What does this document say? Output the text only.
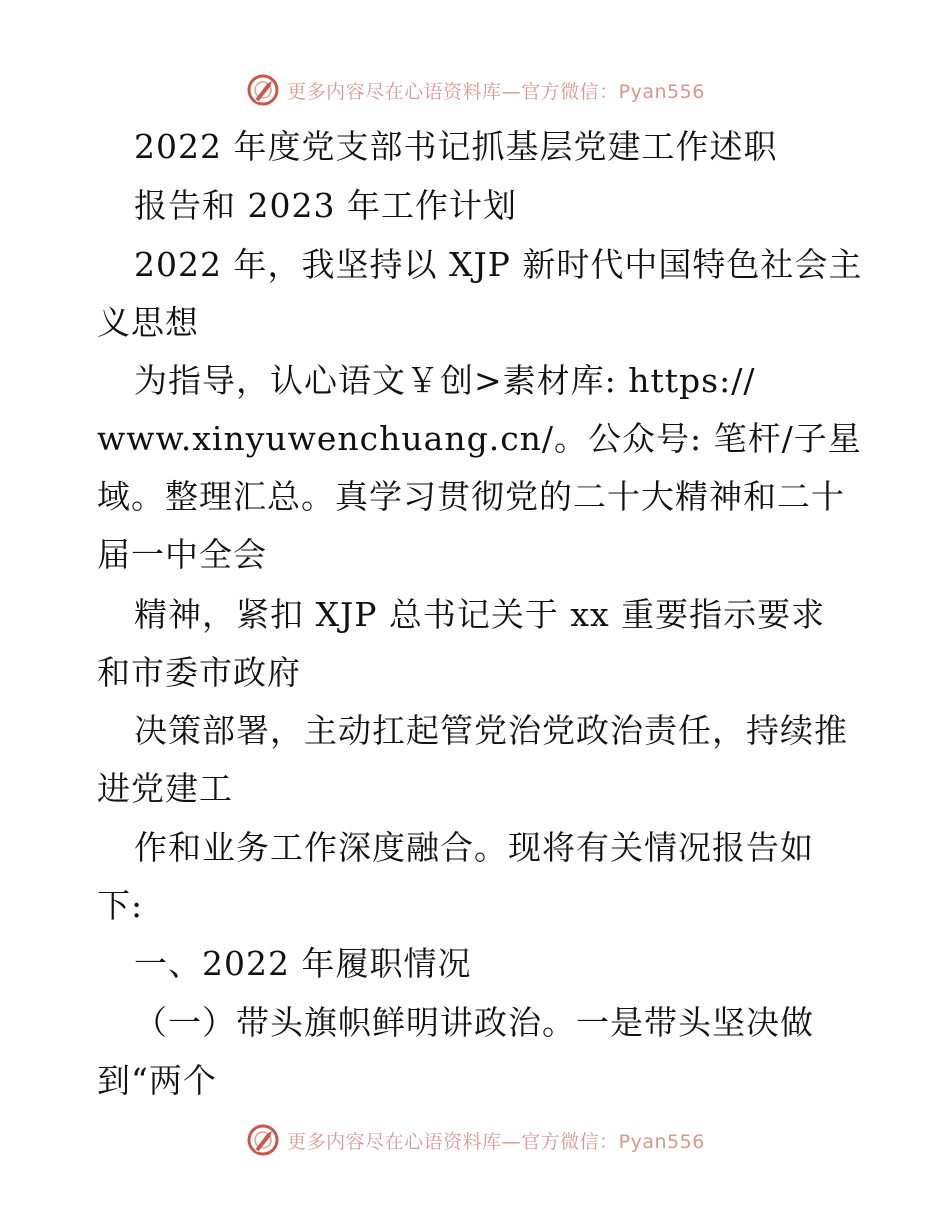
更多内容尽在心语资料库—官方微信：Pyan556
2022 年度党支部书记抓基层党建工作述职
报告和 2023 年工作计划
2022 年，我坚持以 XJP 新时代中国特色社会主
义思想
为指导，认心语文￥创>素材库: https://
www.xinyuwenchuang.cn/。公众号: 笔杆/子星
域。整理汇总。真学习贯彻党的二十大精神和二十
届一中全会
精神，紧扣 XJP 总书记关于 xx 重要指示要求
和市委市政府
决策部署，主动扛起管党治党政治责任，持续推
进党建工
作和业务工作深度融合。现将有关情况报告如
下:
一、2022 年履职情况
（一）带头旗帜鲜明讲政治。一是带头坚决做
到“两个
更多内容尽在心语资料库—官方微信：Pyan556
